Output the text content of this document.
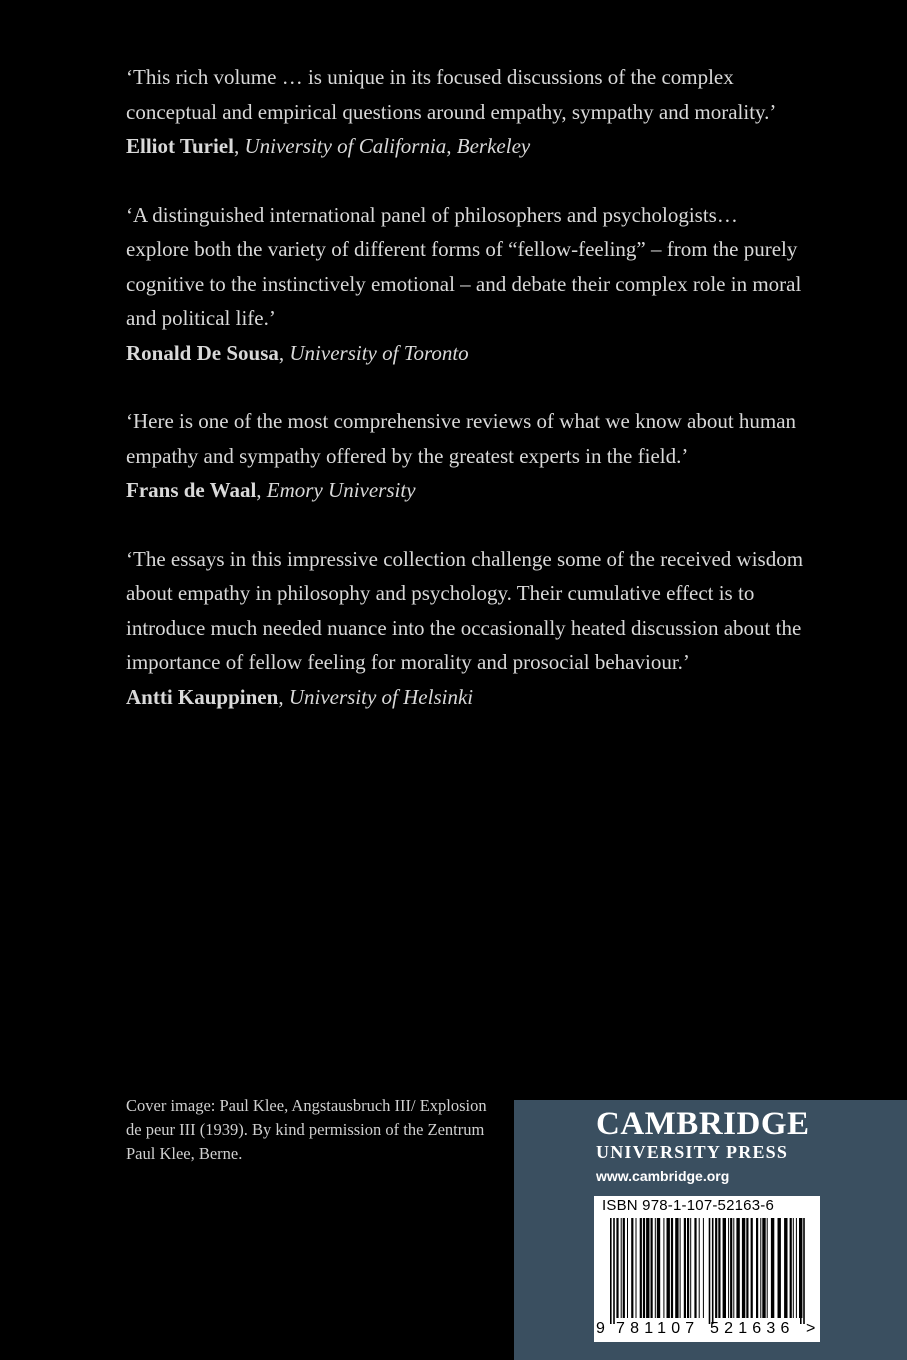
‘This rich volume … is unique in its focused discussions of the complex conceptual and empirical questions around empathy, sympathy and morality.’

Elliot Turiel, University of California, Berkeley

‘A distinguished international panel of philosophers and psychologists… explore both the variety of different forms of “fellow-feeling” – from the purely cognitive to the instinctively emotional – and debate their complex role in moral and political life.’

Ronald De Sousa, University of Toronto

‘Here is one of the most comprehensive reviews of what we know about human empathy and sympathy offered by the greatest experts in the field.’

Frans de Waal, Emory University

‘The essays in this impressive collection challenge some of the received wisdom about empathy in philosophy and psychology. Their cumulative effect is to introduce much needed nuance into the occasionally heated discussion about the importance of fellow feeling for morality and prosocial behaviour.’

Antti Kauppinen, University of Helsinki

Cover image: Paul Klee, Angstausbruch III/ Explosion de peur III (1939). By kind permission of the Zentrum Paul Klee, Berne.
CAMBRIDGE
UNIVERSITY PRESS
www.cambridge.org
ISBN 978-1-107-52163-6
9 781107 521636 >
